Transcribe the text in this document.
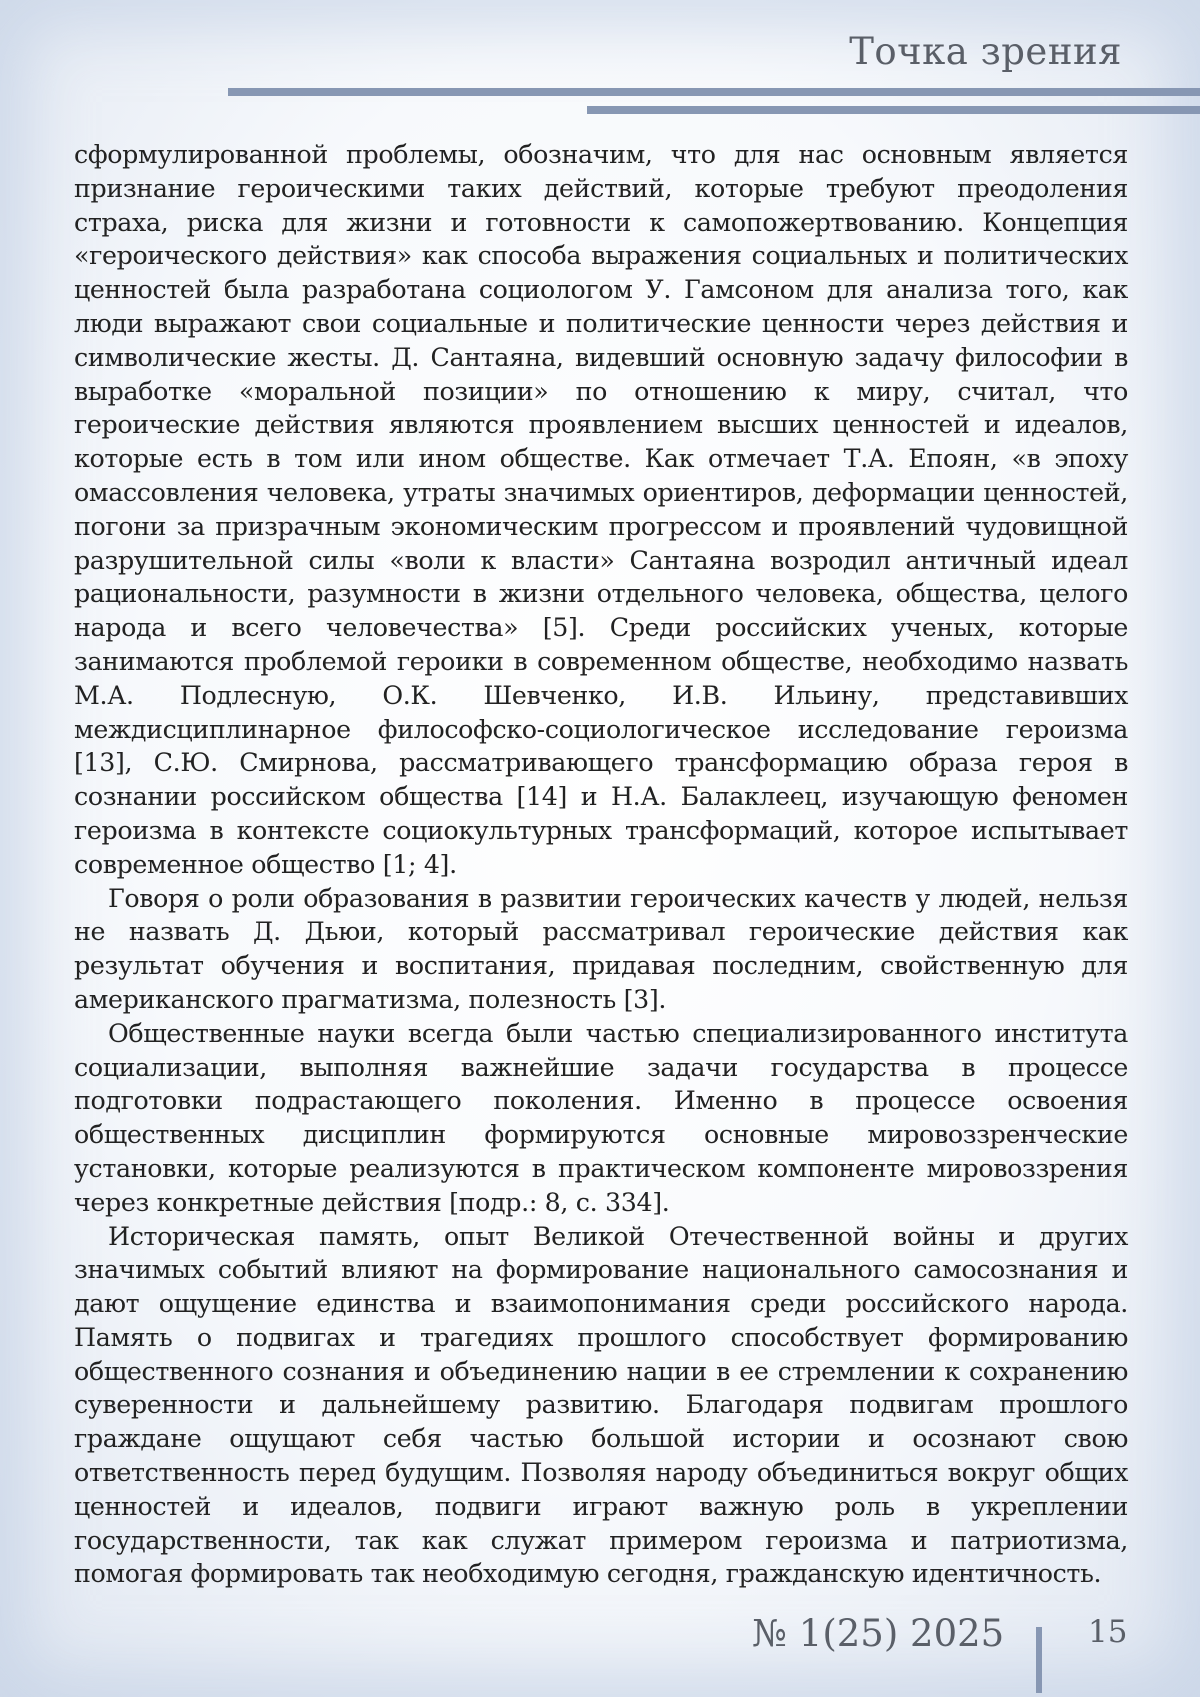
Точка зрения

сформулированной проблемы, обозначим, что для нас основным является признание героическими таких действий, которые требуют преодоления страха, риска для жизни и готовности к самопожертвованию. Концепция «героического действия» как способа выражения социальных и политических ценностей была разработана социологом У. Гамсоном для анализа того, как люди выражают свои социальные и политические ценности через действия и символические жесты. Д. Сантаяна, видевший основную задачу философии в выработке «моральной позиции» по отношению к миру, считал, что героические действия являются проявлением высших ценностей и идеалов, которые есть в том или ином обществе. Как отмечает Т.А. Епоян, «в эпоху омассовления человека, утраты значимых ориентиров, деформации ценностей, погони за призрачным экономическим прогрессом и проявлений чудовищной разрушительной силы «воли к власти» Сантаяна возродил античный идеал рациональности, разумности в жизни отдельного человека, общества, целого народа и всего человечества» [5]. Среди российских ученых, которые занимаются проблемой героики в современном обществе, необходимо назвать М.А. Подлесную, О.К. Шевченко, И.В. Ильину, представивших междисциплинарное философско-социологическое исследование героизма [13], С.Ю. Смирнова, рассматривающего трансформацию образа героя в сознании российском общества [14] и Н.А. Балаклеец, изучающую феномен героизма в контексте социокультурных трансформаций, которое испытывает современное общество [1; 4].

Говоря о роли образования в развитии героических качеств у людей, нельзя не назвать Д. Дьюи, который рассматривал героические действия как результат обучения и воспитания, придавая последним, свойственную для американского прагматизма, полезность [3].

Общественные науки всегда были частью специализированного института социализации, выполняя важнейшие задачи государства в процессе подготовки подрастающего поколения. Именно в процессе освоения общественных дисциплин формируются основные мировоззренческие установки, которые реализуются в практическом компоненте мировоззрения через конкретные действия [подр.: 8, с. 334].

Историческая память, опыт Великой Отечественной войны и других значимых событий влияют на формирование национального самосознания и дают ощущение единства и взаимопонимания среди российского народа. Память о подвигах и трагедиях прошлого способствует формированию общественного сознания и объединению нации в ее стремлении к сохранению суверенности и дальнейшему развитию. Благодаря подвигам прошлого граждане ощущают себя частью большой истории и осознают свою ответственность перед будущим. Позволяя народу объединиться вокруг общих ценностей и идеалов, подвиги играют важную роль в укреплении государственности, так как служат примером героизма и патриотизма, помогая формировать так необходимую сегодня, гражданскую идентичность.

№ 1(25) 2025	15
